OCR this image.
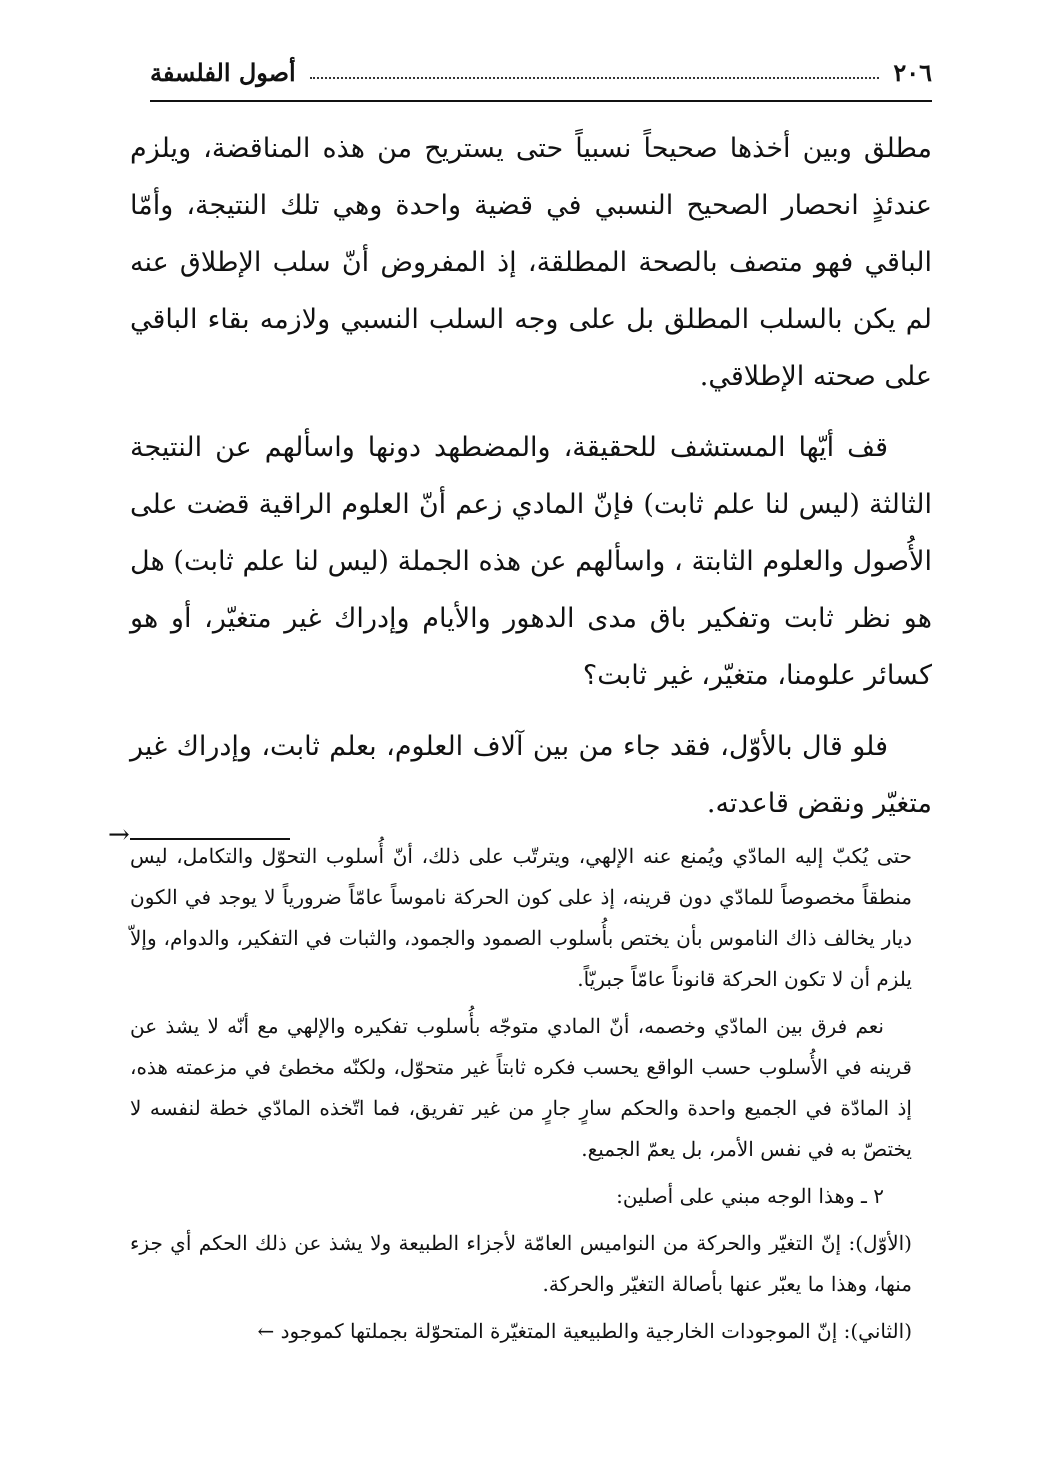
٢٠٦
أصول الفلسفة

مطلق وبين أخذها صحيحاً نسبياً حتى يستريح من هذه المناقضة، ويلزم عندئذٍ انحصار الصحيح النسبي في قضية واحدة وهي تلك النتيجة، وأمّا الباقي فهو متصف بالصحة المطلقة، إذ المفروض أنّ سلب الإطلاق عنه لم يكن بالسلب المطلق بل على وجه السلب النسبي ولازمه بقاء الباقي على صحته الإطلاقي.

قف أيّها المستشف للحقيقة، والمضطهد دونها واسألهم عن النتيجة الثالثة (ليس لنا علم ثابت) فإنّ المادي زعم أنّ العلوم الراقية قضت على الأُصول والعلوم الثابتة ، واسألهم عن هذه الجملة (ليس لنا علم ثابت) هل هو نظر ثابت وتفكير باق مدى الدهور والأيام وإدراك غير متغيّر، أو هو كسائر علومنا، متغيّر، غير ثابت؟

فلو قال بالأوّل، فقد جاء من بين آلاف العلوم، بعلم ثابت، وإدراك غير متغيّر ونقض قاعدته.

→

حتى يُكبّ إليه المادّي ويُمنع عنه الإلهي، ويترتّب على ذلك، أنّ أُسلوب التحوّل والتكامل، ليس منطقاً مخصوصاً للمادّي دون قرينه، إذ على كون الحركة ناموساً عامّاً ضرورياً لا يوجد في الكون ديار يخالف ذاك الناموس بأن يختص بأُسلوب الصمود والجمود، والثبات في التفكير، والدوام، وإلاّ يلزم أن لا تكون الحركة قانوناً عامّاً جبريّاً.

نعم فرق بين المادّي وخصمه، أنّ المادي متوجّه بأُسلوب تفكيره والإلهي مع أنّه لا يشذ عن قرينه في الأُسلوب حسب الواقع يحسب فكره ثابتاً غير متحوّل، ولكنّه مخطئ في مزعمته هذه، إذ المادّة في الجميع واحدة والحكم سارٍ جارٍ من غير تفريق، فما اتّخذه المادّي خطة لنفسه لا يختصّ به في نفس الأمر، بل يعمّ الجميع.

٢ ـ وهذا الوجه مبني على أصلين:

(الأوّل): إنّ التغيّر والحركة من النواميس العامّة لأجزاء الطبيعة ولا يشذ عن ذلك الحكم أي جزء منها، وهذا ما يعبّر عنها بأصالة التغيّر والحركة.

(الثاني): إنّ الموجودات الخارجية والطبيعية المتغيّرة المتحوّلة بجملتها كموجود ←
